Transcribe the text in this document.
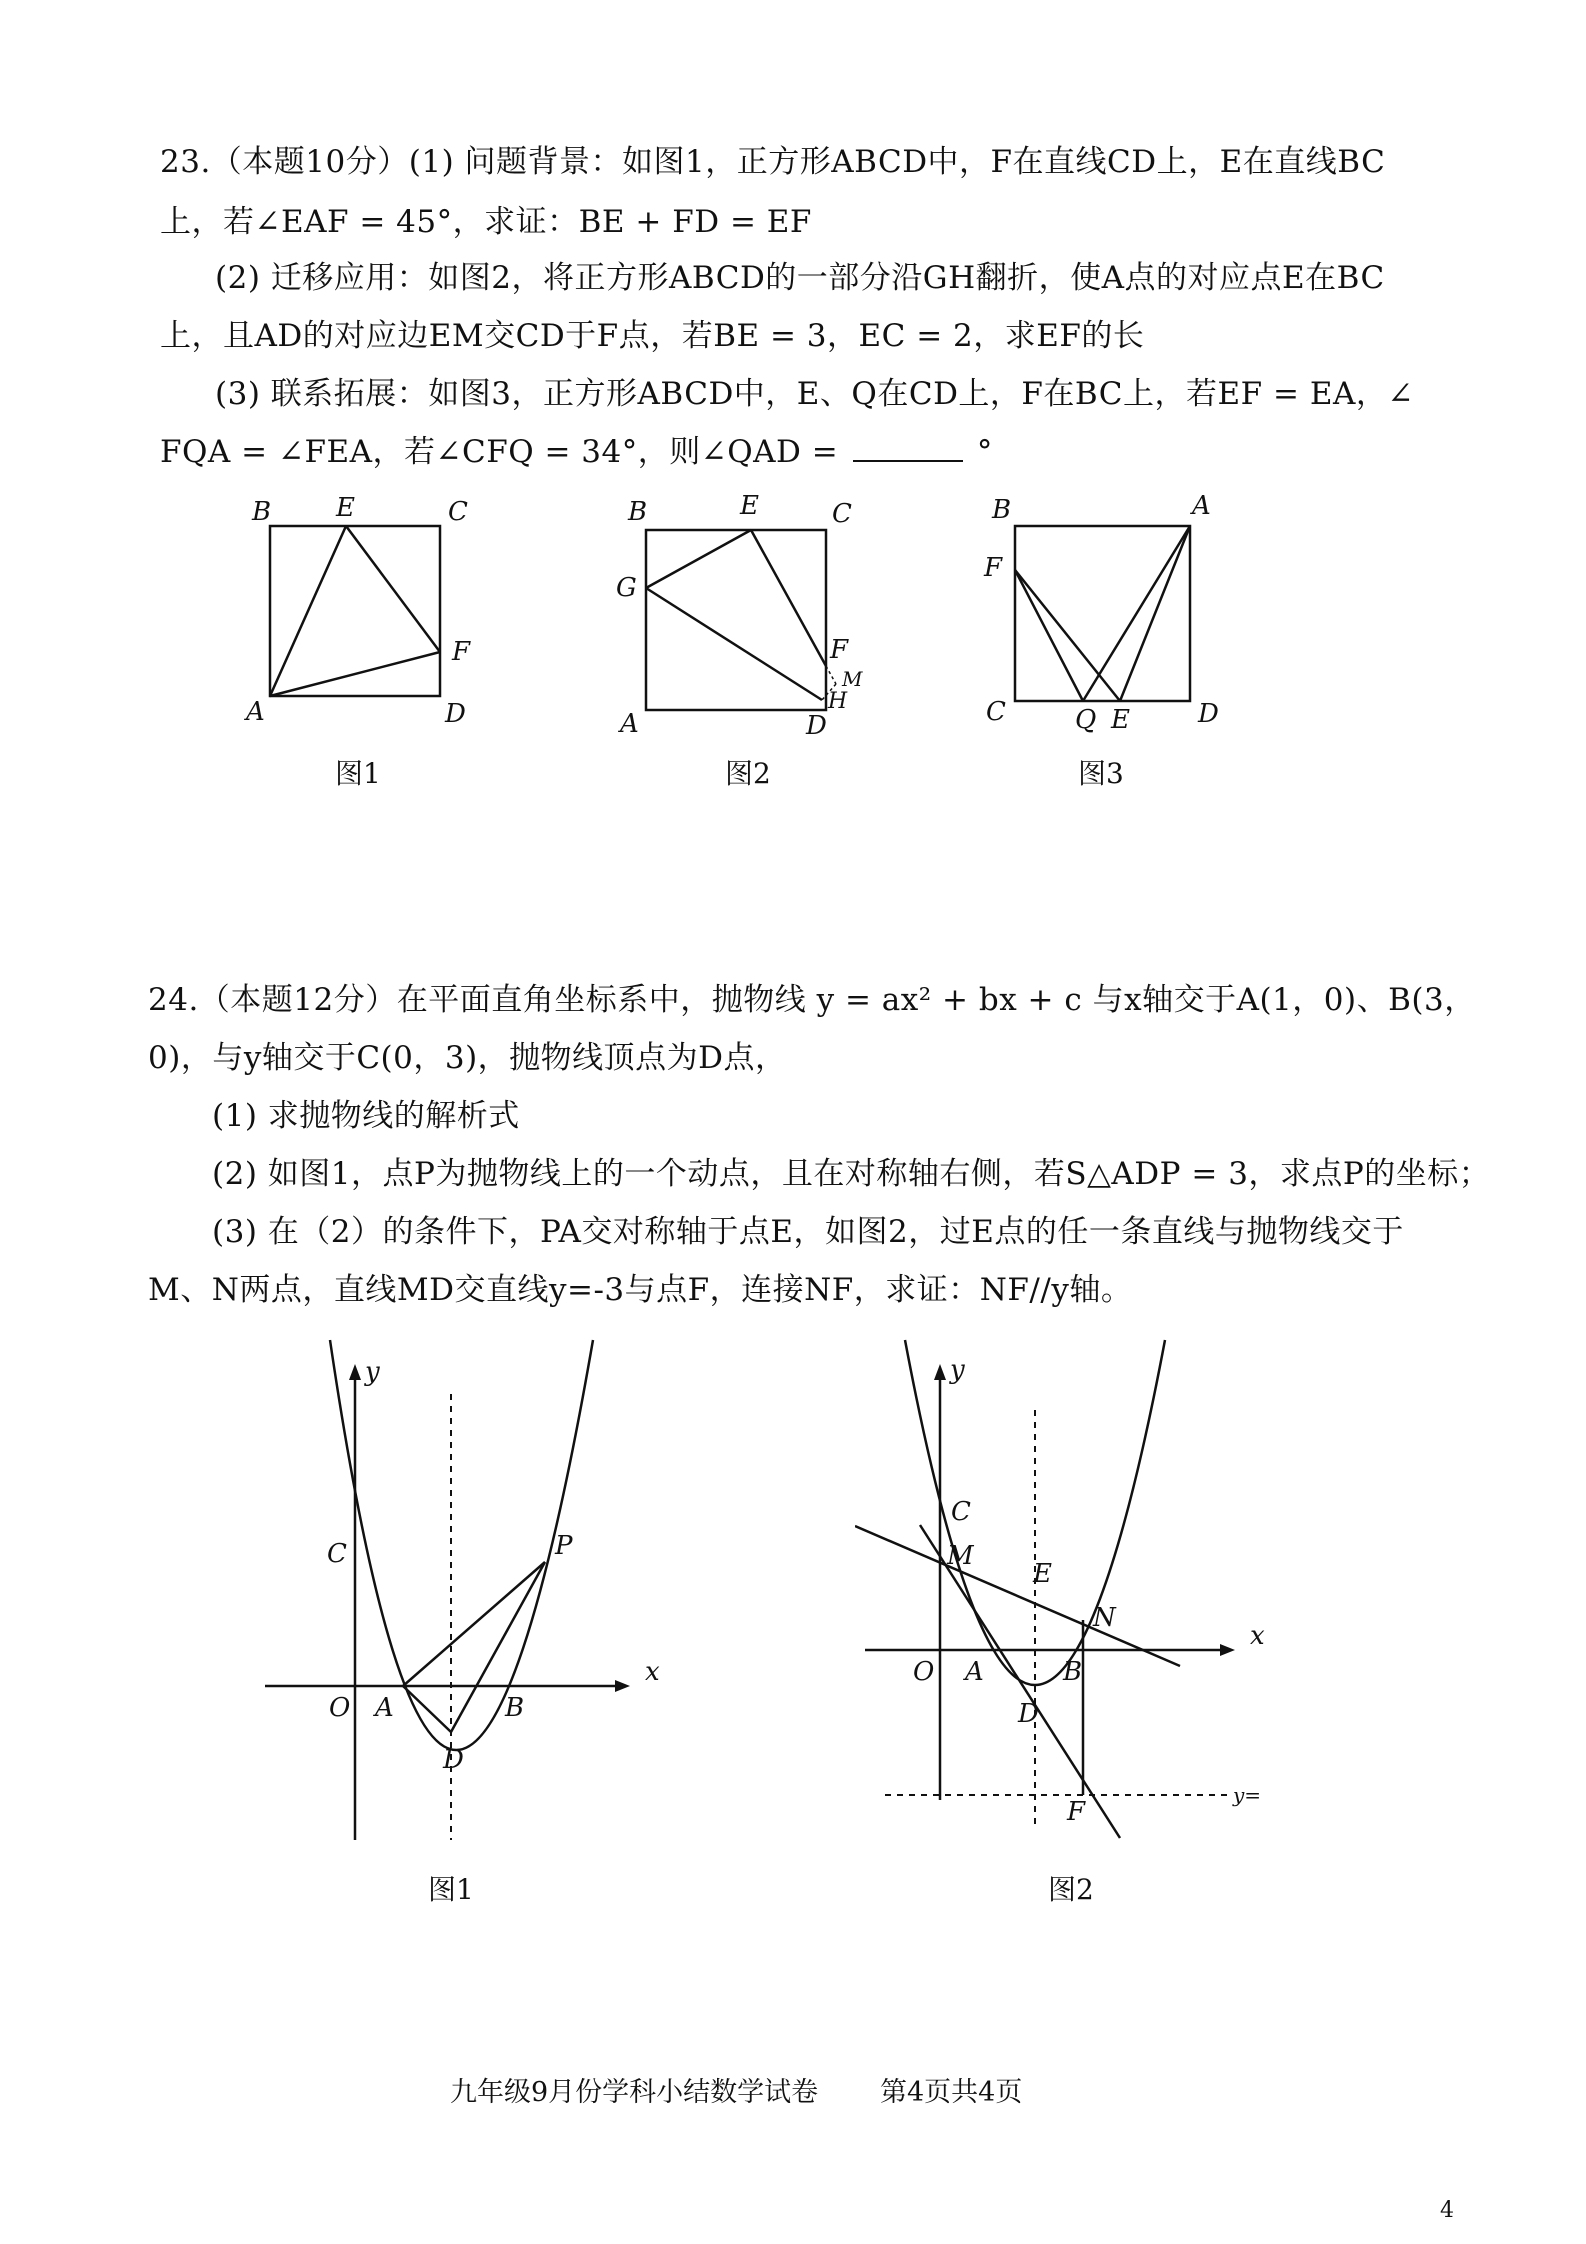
23.（本题10分）(1) 问题背景：如图1，正方形ABCD中，F在直线CD上，E在直线BC
上，若∠EAF = 45°，求证：BE + FD = EF
(2) 迁移应用：如图2，将正方形ABCD的一部分沿GH翻折，使A点的对应点E在BC
上，且AD的对应边EM交CD于F点，若BE = 3，EC = 2，求EF的长
(3) 联系拓展：如图3，正方形ABCD中，E、Q在CD上，F在BC上，若EF = EA，∠
FQA = ∠FEA，若∠CFQ = 34°，则∠QAD =	°
B E	C
F
A	D
图1
B	E	C
G
F
M
H
A	D
图2
B	A
F
C	Q E	D
图3
24.（本题12分）在平面直角坐标系中，抛物线 y = ax² + bx + c 与x轴交于A(1，0)、B(3，
0)，与y轴交于C(0，3)，抛物线顶点为D点，
(1) 求抛物线的解析式
(2) 如图1，点P为抛物线上的一个动点，且在对称轴右侧，若S△ADP = 3，求点P的坐标；
(3) 在（2）的条件下，PA交对称轴于点E，如图2，过E点的任一条直线与抛物线交于
M、N两点，直线MD交直线y=-3与点F，连接NF，求证：NF//y轴。
y
x
C	P
O A	B
D
图1
y
x
C
M
E
N
O A	B
D
F
y=
图2
九年级9月份学科小结数学试卷 第4页共4页
4
